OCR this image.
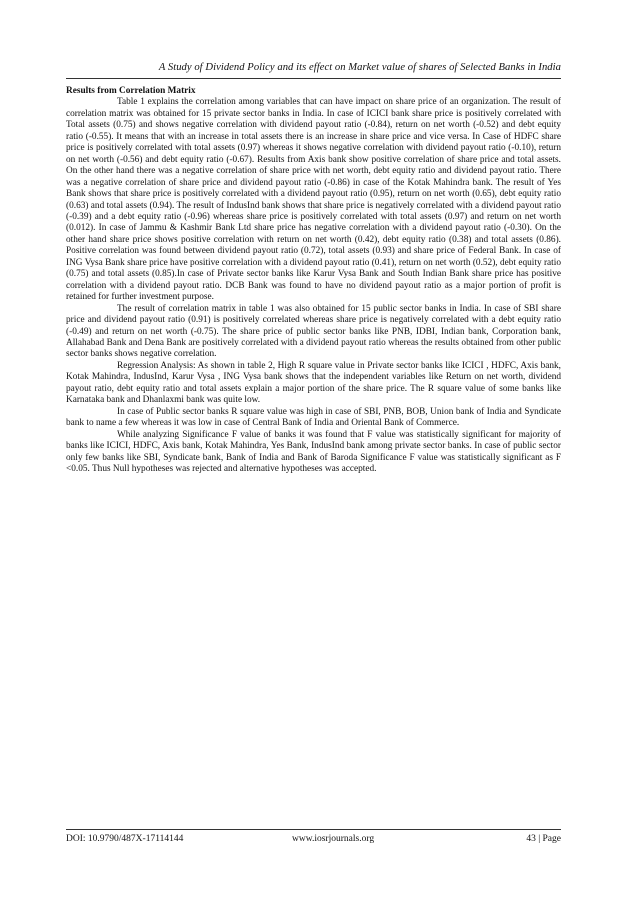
A Study of Dividend Policy and its effect on Market value of shares of Selected Banks in India
Results from Correlation Matrix

Table 1 explains the correlation among variables that can have impact on share price of an organization. The result of correlation matrix was obtained for 15 private sector banks in India. In case of ICICI bank share price is positively correlated with Total assets (0.75) and shows negative correlation with dividend payout ratio (-0.84), return on net worth (-0.52) and debt equity ratio (-0.55). It means that with an increase in total assets there is an increase in share price and vice versa. In Case of HDFC share price is positively correlated with total assets (0.97) whereas it shows negative correlation with dividend payout ratio (-0.10), return on net worth (-0.56) and debt equity ratio (-0.67). Results from Axis bank show positive correlation of share price and total assets. On the other hand there was a negative correlation of share price with net worth, debt equity ratio and dividend payout ratio. There was a negative correlation of share price and dividend payout ratio (-0.86) in case of the Kotak Mahindra bank. The result of Yes Bank shows that share price is positively correlated with a dividend payout ratio (0.95), return on net worth (0.65), debt equity ratio (0.63) and total assets (0.94). The result of IndusInd bank shows that share price is negatively correlated with a dividend payout ratio (-0.39) and a debt equity ratio (-0.96) whereas share price is positively correlated with total assets (0.97) and return on net worth (0.012). In case of Jammu & Kashmir Bank Ltd share price has negative correlation with a dividend payout ratio (-0.30). On the other hand share price shows positive correlation with return on net worth (0.42), debt equity ratio (0.38) and total assets (0.86). Positive correlation was found between dividend payout ratio (0.72), total assets (0.93) and share price of Federal Bank. In case of ING Vysa Bank share price have positive correlation with a dividend payout ratio (0.41), return on net worth (0.52), debt equity ratio (0.75) and total assets (0.85).In case of Private sector banks like Karur Vysa Bank and South Indian Bank share price has positive correlation with a dividend payout ratio. DCB Bank was found to have no dividend payout ratio as a major portion of profit is retained for further investment purpose.

The result of correlation matrix in table 1 was also obtained for 15 public sector banks in India. In case of SBI share price and dividend payout ratio (0.91) is positively correlated whereas share price is negatively correlated with a debt equity ratio (-0.49) and return on net worth (-0.75). The share price of public sector banks like PNB, IDBI, Indian bank, Corporation bank, Allahabad Bank and Dena Bank are positively correlated with a dividend payout ratio whereas the results obtained from other public sector banks shows negative correlation.

Regression Analysis: As shown in table 2, High R square value in Private sector banks like ICICI , HDFC, Axis bank, Kotak Mahindra, IndusInd, Karur Vysa , ING Vysa bank shows that the independent variables like Return on net worth, dividend payout ratio, debt equity ratio and total assets explain a major portion of the share price. The R square value of some banks like Karnataka bank and Dhanlaxmi bank was quite low.

In case of Public sector banks R square value was high in case of SBI, PNB, BOB, Union bank of India and Syndicate bank to name a few whereas it was low in case of Central Bank of India and Oriental Bank of Commerce.

While analyzing Significance F value of banks it was found that F value was statistically significant for majority of banks like ICICI, HDFC, Axis bank, Kotak Mahindra, Yes Bank, IndusInd bank among private sector banks. In case of public sector only few banks like SBI, Syndicate bank, Bank of India and Bank of Baroda Significance F value was statistically significant as F <0.05. Thus Null hypotheses was rejected and alternative hypotheses was accepted.

DOI: 10.9790/487X-17114144	www.iosrjournals.org	43 | Page
